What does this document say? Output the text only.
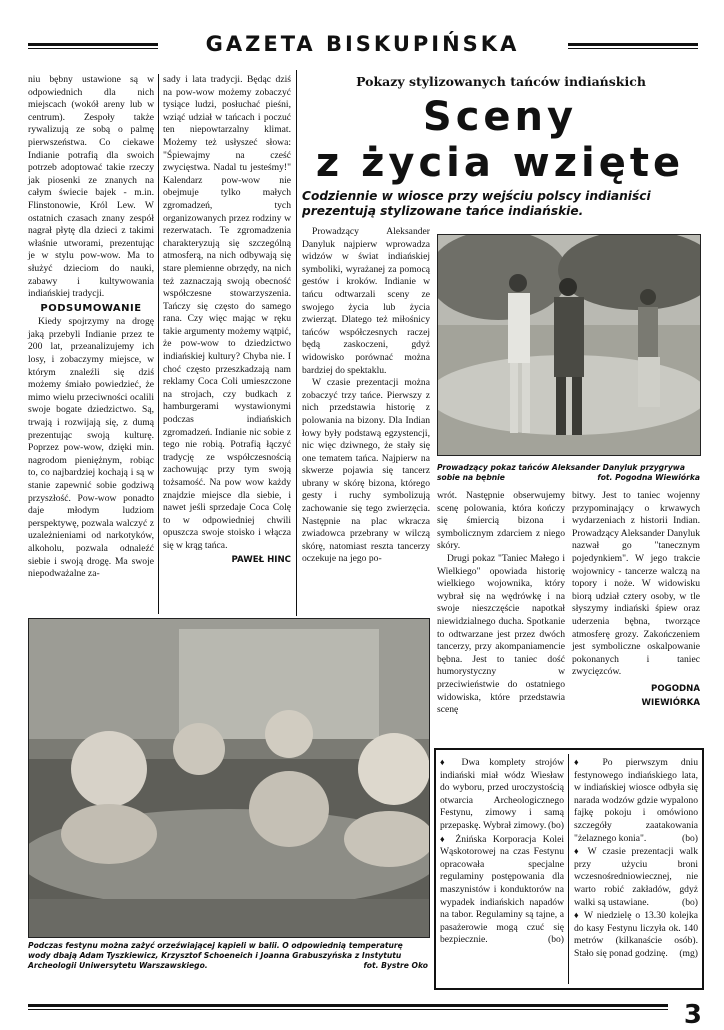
GAZETA BISKUPIŃSKA

niu bębny ustawione są w odpowiednich dla nich miejscach (wokół areny lub w centrum). Zespoły także rywalizują ze sobą o palmę pierwszeństwa. Co ciekawe Indianie potrafią dla swoich potrzeb adoptować takie rzeczy jak piosenki ze znanych na całym świecie bajek - m.in. Flinstonowie, Król Lew. W ostatnich czasach znany zespół nagrał płytę dla dzieci z takimi właśnie utworami, prezentując je w stylu pow-wow. Ma to służyć dzieciom do nauki, zabawy i kultywowania indiańskiej tradycji.

PODSUMOWANIE

Kiedy spojrzymy na drogę jaką przebyli Indianie przez te 200 lat, przeanalizujemy ich losy, i zobaczymy miejsce, w którym znaleźli się dziś możemy śmiało powiedzieć, że mimo wielu przeciwności ocalili swoje bogate dziedzictwo. Są, trwają i rozwijają się, z dumą prezentując swoją kulturę. Poprzez pow-wow, dzięki min. nagrodom pieniężnym, robiąc to, co najbardziej kochają i są w stanie zapewnić sobie godziwą przyszłość. Pow-wow ponadto daje młodym ludziom perspektywę, pozwala walczyć z uzależnieniami od narkotyków, alkoholu, pozwala odnaleźć siebie i swoją drogę. Ma swoje niepodważalne za-

sady i lata tradycji. Będąc dziś na pow-wow możemy zobaczyć tysiące ludzi, posłuchać pieśni, wziąć udział w tańcach i poczuć ten niepowtarzalny klimat. Możemy też usłyszeć słowa: "Śpiewajmy na cześć zwycięstwa. Nadal tu jesteśmy!" Kalendarz pow-wow nie obejmuje tylko małych zgromadzeń, tych organizowanych przez rodziny w rezerwatach. Te zgromadzenia charakteryzują się szczególną atmosferą, na nich odbywają się stare plemienne obrzędy, na nich też zaznaczają swoją obecność współczesne stowarzyszenia. Tańczy się często do samego rana. Czy więc mając w ręku takie argumenty możemy wątpić, że pow-wow to dziedzictwo indiańskiej kultury? Chyba nie. I choć często przeszkadzają nam reklamy Coca Coli umieszczone na strojach, czy budkach z hamburgerami wystawionymi podczas indiańskich zgromadzeń. Indianie nic sobie z tego nie robią. Potrafią łączyć tradycję ze współczesnością zachowując przy tym swoją tożsamość. Na pow wow każdy znajdzie miejsce dla siebie, i nawet jeśli sprzedaje Coca Colę to w odpowiedniej chwili opuszcza swoje stoisko i włącza się w krąg tańca.

PAWEŁ HINC
Pokazy stylizowanych tańców indiańskich
Sceny
z życia wzięte
Codziennie w wiosce przy wejściu polscy indianiści prezentują stylizowane tańce indiańskie.

Prowadzący Aleksander Danyluk najpierw wprowadza widzów w świat indiańskiej symboliki, wyrażanej za pomocą gestów i kroków. Indianie w tańcu odtwarzali sceny ze swojego życia lub życia zwierząt. Dlatego też miłośnicy tańców współczesnych raczej będą zaskoczeni, gdyż widowisko porównać można bardziej do spektaklu.

W czasie prezentacji można zobaczyć trzy tańce. Pierwszy z nich przedstawia historię z polowania na bizony. Dla Indian łowy były podstawą egzystencji, nic więc dziwnego, że stały się one tematem tańca. Najpierw na skwerze pojawia się tancerz ubrany w skórę bizona, którego gesty i ruchy symbolizują zachowanie się tego zwierzęcia. Następnie na plac wkracza zwiadowca przebrany w wilczą skórę, natomiast reszta tancerzy oczekuje na jego po-

Prowadzący pokaz tańców Aleksander Danyluk przygrywa sobie na bębnie	fot. Pogodna Wiewiórka

wrót. Następnie obserwujemy scenę polowania, która kończy się śmiercią bizona i symbolicznym zdarciem z niego skóry.

Drugi pokaz "Taniec Małego i Wielkiego" opowiada historię wielkiego wojownika, który wybrał się na wędrówkę i na swoje nieszczęście napotkał niewidzialnego ducha. Spotkanie to odtwarzane jest przez dwóch tancerzy, przy akompaniamencie bębna. Jest to taniec dość humorystyczny w przeciwieństwie do ostatniego widowiska, które przedstawia scenę

bitwy. Jest to taniec wojenny przypominający o krwawych wydarzeniach z historii Indian. Prowadzący Aleksander Danyluk nazwał go "tanecznym pojedynkiem". W jego trakcie wojownicy - tancerze walczą na topory i noże. W widowisku biorą udział cztery osoby, w tle słyszymy indiański śpiew oraz uderzenia bębna, tworzące atmosferę grozy. Zakończeniem jest symboliczne oskalpowanie pokonanych i taniec zwycięzców.

POGODNA
WIEWIÓRKA
Podczas festynu można zażyć orzeźwiającej kąpieli w balii. O odpowiednią temperaturę wody dbają Adam Tyszkiewicz, Krzysztof Schoeneich i Joanna Grabuszyńska z Instytutu Archeologii Uniwersytetu Warszawskiego.	fot. Bystre Oko

♦ Dwa komplety strojów indiański miał wódz Wiesław do wyboru, przed uroczystością otwarcia Archeologicznego Festynu, zimowy i samą przepaskę. Wybrał zimowy. (bo)

♦ Żnińska Korporacja Kolei Wąskotorowej na czas Festynu opracowała specjalne regulaminy postępowania dla maszynistów i konduktorów na wypadek indiańskich napadów na tabor. Regulaminy są tajne, a pasażerowie mogą czuć się bezpiecznie.	(bo)

♦ Po pierwszym dniu festynowego indiańskiego lata, w indiańskiej wiosce odbyła się narada wodzów gdzie wypalono fajkę pokoju i omówiono szczegóły zaatakowania "żelaznego konia".	(bo)

♦ W czasie prezentacji walk przy użyciu broni wczesnośredniowiecznej, nie warto robić zakładów, gdyż walki są ustawiane.	(bo)

♦ W niedzielę o 13.30 kolejka do kasy Festynu liczyła ok. 140 metrów (kilkanaście osób). Stało się ponad godzinę. (mg)

3
